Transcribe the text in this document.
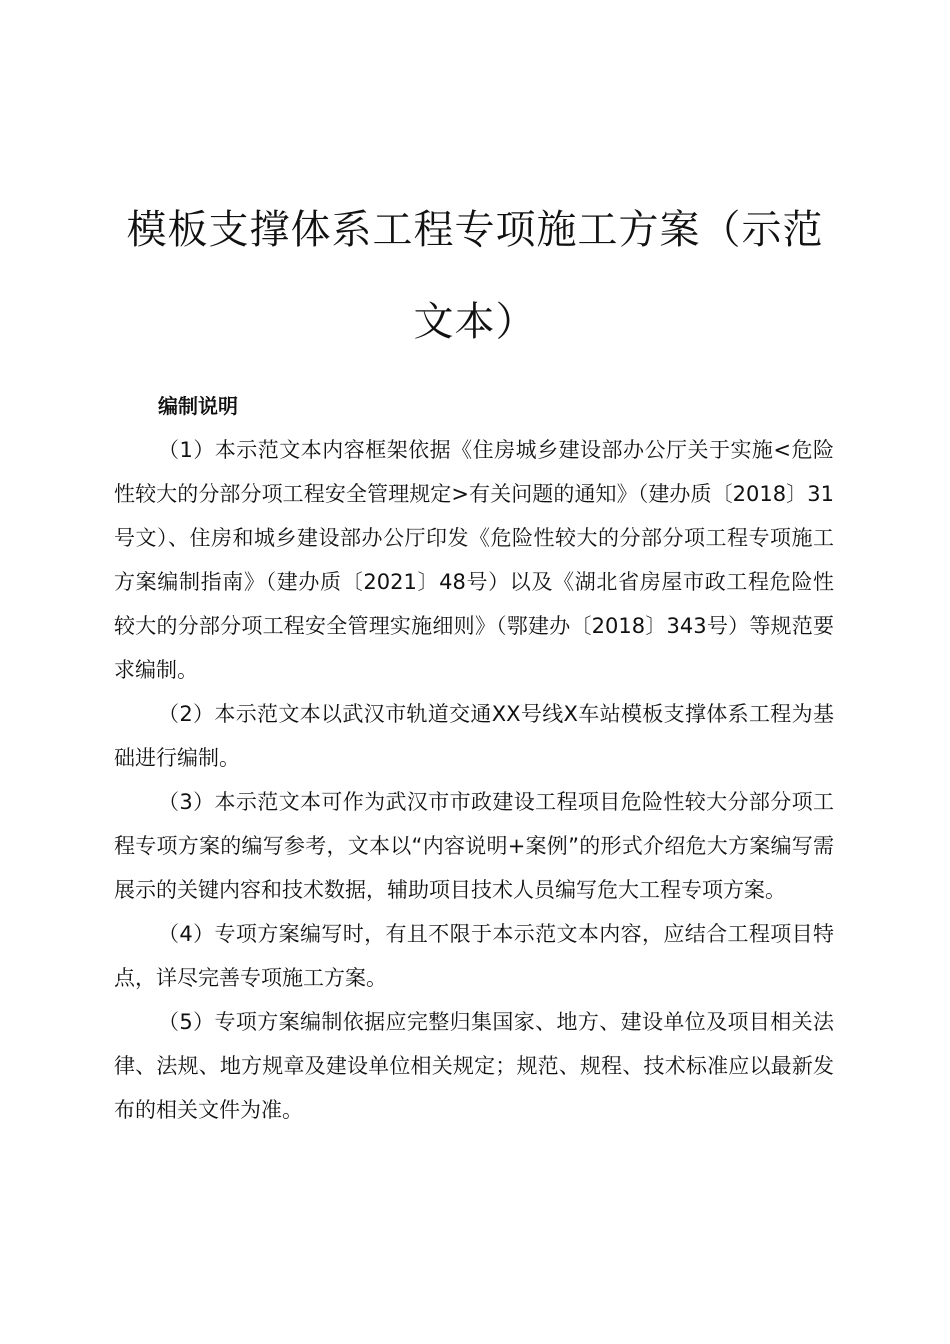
模板支撑体系工程专项施工方案（示范文本）
编制说明

（1）本示范文本内容框架依据《住房城乡建设部办公厅关于实施<危险性较大的分部分项工程安全管理规定>有关问题的通知》（建办质〔2018〕31号文）、住房和城乡建设部办公厅印发《危险性较大的分部分项工程专项施工方案编制指南》（建办质〔2021〕48号）以及《湖北省房屋市政工程危险性较大的分部分项工程安全管理实施细则》（鄂建办〔2018〕343号）等规范要求编制。

（2）本示范文本以武汉市轨道交通XX号线X车站模板支撑体系工程为基础进行编制。

（3）本示范文本可作为武汉市市政建设工程项目危险性较大分部分项工程专项方案的编写参考，文本以“内容说明+案例”的形式介绍危大方案编写需展示的关键内容和技术数据，辅助项目技术人员编写危大工程专项方案。

（4）专项方案编写时，有且不限于本示范文本内容，应结合工程项目特点，详尽完善专项施工方案。

（5）专项方案编制依据应完整归集国家、地方、建设单位及项目相关法律、法规、地方规章及建设单位相关规定；规范、规程、技术标准应以最新发布的相关文件为准。
